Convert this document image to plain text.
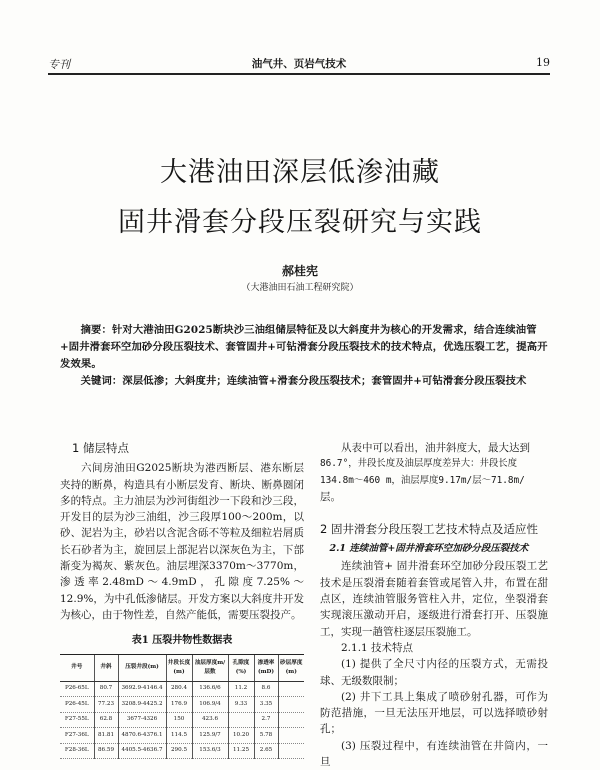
专刊	油气井、页岩气技术	19
大港油田深层低渗油藏
固井滑套分段压裂研究与实践
郝桂宪
（大港油田石油工程研究院）

摘要：针对大港油田G2025断块沙三油组储层特征及以大斜度井为核心的开发需求，结合连续油管+固井滑套环空加砂分段压裂技术、套管固井+可钻滑套分段压裂技术的技术特点，优选压裂工艺，提高开发效果。

关键词：深层低渗；大斜度井；连续油管+滑套分段压裂技术；套管固井+可钻滑套分段压裂技术

1 储层特点

六间房油田G2025断块为港西断层、港东断层夹持的断鼻，构造具有小断层发育、断块、断鼻圈闭多的特点。主力油层为沙河街组沙一下段和沙三段，开发目的层为沙三油组，沙三段厚100～200m，以砂、泥岩为主，砂岩以含泥含砾不等粒及细粒岩屑质长石砂者为主，旋回层上部泥岩以深灰色为主，下部渐变为褐灰、紫灰色。油层埋深3370m～3770m，渗透率2.48mD～4.9mD，孔隙度7.25%～12.9%，为中孔低渗储层。开发方案以大斜度井开发为核心，由于物性差，自然产能低，需要压裂投产。

表1 压裂井物性数据表
井号	井斜	压裂井段(m)	井段长度(m)	油层厚度m/层数	孔隙度(%)	渗透率(mD)	砂层厚度(m)
P26-65L	80.7	3692.9-4146.4	280.4	136.6/6	11.2	8.6	
P26-45L	77.23	3208.9-4425.2	176.9	106.9/4	9.33	3.35	
F27-55L	62.8	3677-4326	150	423.6		2.7	
F27-36L	81.81	4870.6-4376.1	114.5	125.9/7	10.20	5.78	
F28-36L	86.59	4405.5-4636.7	290.5	153.6/3	11.25	2.65	

从表中可以看出，油井斜度大，最大达到

86.7°，井段长度及油层厚度差异大：井段长度
134.8m～460 m，油层厚度9.17m/层～71.8m/
层。
2 固井滑套分段压裂工艺技术特点及适应性
2.1 连续油管+固井滑套环空加砂分段压裂技术

连续油管+ 固井滑套环空加砂分段压裂工艺技术是压裂滑套随着套管或尾管入井，布置在甜点区，连续油管服务管柱入井，定位，坐裂滑套实现滚压激动开启，逐级进行滑套打开、压裂施工，实现一趟管柱逐层压裂施工。

2.1.1 技术特点

(1) 提供了全尺寸内径的压裂方式，无需投球、无级数限制；

(2) 井下工具上集成了喷砂射孔器，可作为防范措施，一旦无法压开地层，可以选择喷砂射孔；

(3) 压裂过程中，有连续油管在井筒内，一旦
